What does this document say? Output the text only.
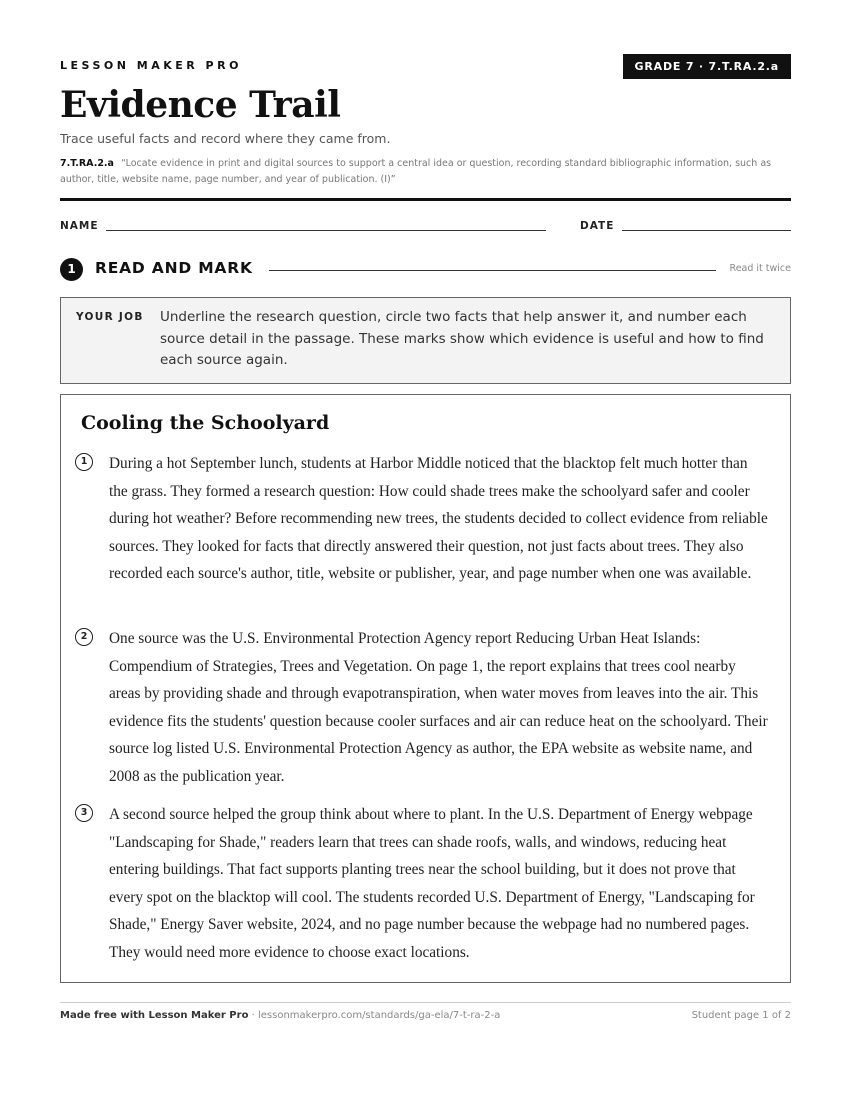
LESSON MAKER PRO	GRADE 7 · 7.T.RA.2.a
Evidence Trail
Trace useful facts and record where they came from.
7.T.RA.2.a “Locate evidence in print and digital sources to support a central idea or question, recording standard bibliographic information, such as author, title, website name, page number, and year of publication. (I)”
NAME	DATE
1	READ AND MARK	Read it twice
YOUR JOB Underline the research question, circle two facts that help answer it, and number each source detail in the passage. These marks show which evidence is useful and how to find each source again.
Cooling the Schoolyard
1	During a hot September lunch, students at Harbor Middle noticed that the blacktop felt much hotter than the grass. They formed a research question: How could shade trees make the schoolyard safer and cooler during hot weather? Before recommending new trees, the students decided to collect evidence from reliable sources. They looked for facts that directly answered their question, not just facts about trees. They also recorded each source's author, title, website or publisher, year, and page number when one was available.
2	One source was the U.S. Environmental Protection Agency report Reducing Urban Heat Islands: Compendium of Strategies, Trees and Vegetation. On page 1, the report explains that trees cool nearby areas by providing shade and through evapotranspiration, when water moves from leaves into the air. This evidence fits the students' question because cooler surfaces and air can reduce heat on the schoolyard. Their source log listed U.S. Environmental Protection Agency as author, the EPA website as website name, and 2008 as the publication year.
3	A second source helped the group think about where to plant. In the U.S. Department of Energy webpage "Landscaping for Shade," readers learn that trees can shade roofs, walls, and windows, reducing heat entering buildings. That fact supports planting trees near the school building, but it does not prove that every spot on the blacktop will cool. The students recorded U.S. Department of Energy, "Landscaping for Shade," Energy Saver website, 2024, and no page number because the webpage had no numbered pages. They would need more evidence to choose exact locations.
Made free with Lesson Maker Pro · lessonmakerpro.com/standards/ga-ela/7-t-ra-2-a	Student page 1 of 2
